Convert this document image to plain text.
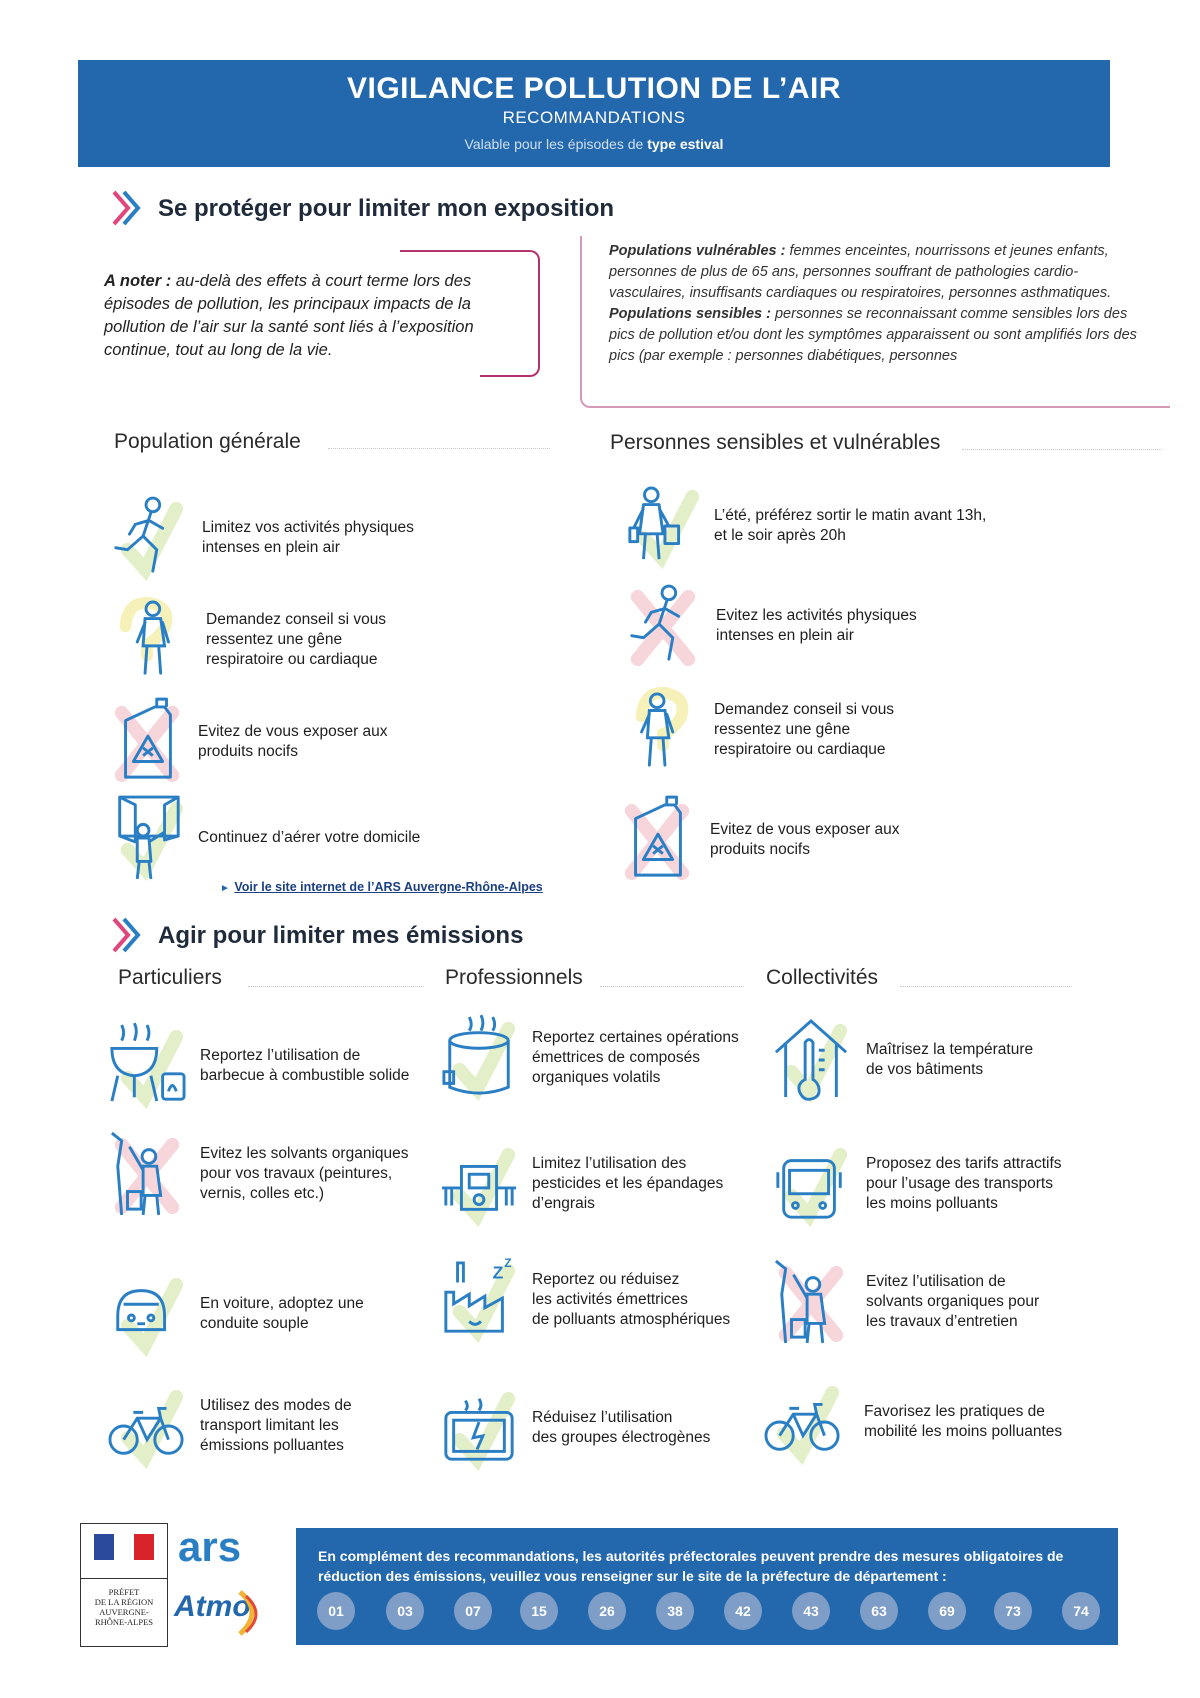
VIGILANCE POLLUTION DE L’AIR
RECOMMANDATIONS
Valable pour les épisodes de type estival
Se protéger pour limiter mon exposition
A noter : au-delà des effets à court terme lors des épisodes de pollution, les principaux impacts de la pollution de l’air sur la santé sont liés à l’exposition continue, tout au long de la vie.
Populations vulnérables : femmes enceintes, nourrissons et jeunes enfants, personnes de plus de 65 ans, personnes souffrant de pathologies cardio-vasculaires, insuffisants cardiaques ou respiratoires, personnes asthmatiques.
Populations sensibles : personnes se reconnaissant comme sensibles lors des pics de pollution et/ou dont les symptômes apparaissent ou sont amplifiés lors des pics (par exemple : personnes diabétiques, personnes
Population générale	Personnes sensibles et vulnérables
Limitez vos activités physiques
intenses en plein air
Demandez conseil si vous
ressentez une gêne
respiratoire ou cardiaque
Evitez de vous exposer aux
produits nocifs
Continuez d’aérer votre domicile
► Voir le site internet de l’ARS Auvergne-Rhône-Alpes
L’été, préférez sortir le matin avant 13h,
et le soir après 20h
Evitez les activités physiques
intenses en plein air
Demandez conseil si vous
ressentez une gêne
respiratoire ou cardiaque
Evitez de vous exposer aux
produits nocifs
Agir pour limiter mes émissions
Particuliers	Professionnels	Collectivités
Reportez l’utilisation de
barbecue à combustible solide
Evitez les solvants organiques
pour vos travaux (peintures,
vernis, colles etc.)
En voiture, adoptez une
conduite souple
Utilisez des modes de
transport limitant les
émissions polluantes
Reportez certaines opérations
émettrices de composés
organiques volatils
Limitez l’utilisation des
pesticides et les épandages
d’engrais
Z Z
Reportez ou réduisez
les activités émettrices
de polluants atmosphériques
Réduisez l’utilisation
des groupes électrogènes
Maîtrisez la température
de vos bâtiments
Proposez des tarifs attractifs
pour l’usage des transports
les moins polluants
Evitez l’utilisation de
solvants organiques pour
les travaux d’entretien
Favorisez les pratiques de
mobilité les moins polluantes
PRÉFET
DE LA RÉGION
AUVERGNE-
RHÔNE-ALPES
ars
Atmo
En complément des recommandations, les autorités préfectorales peuvent prendre des mesures obligatoires de réduction des émissions, veuillez vous renseigner sur le site de la préfecture de département :
01	03	07	15	26	38	42	43	63	69	73	74
